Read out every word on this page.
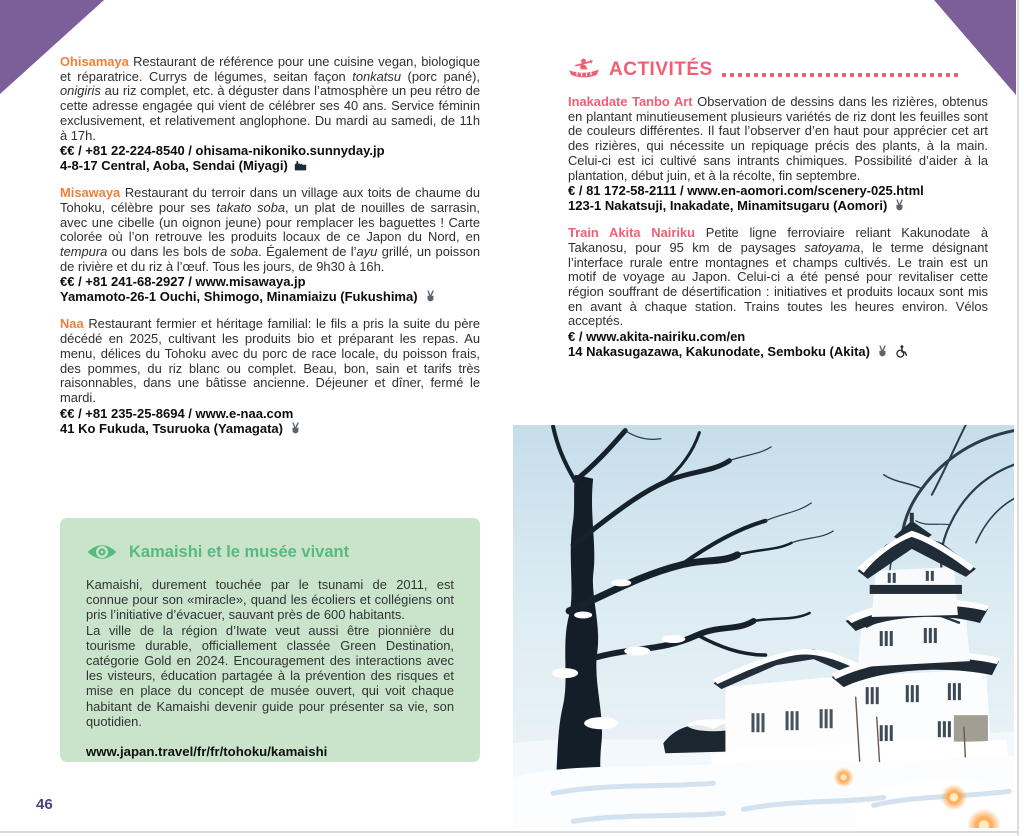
Ohisamaya Restaurant de référence pour une cuisine vegan, biologique et réparatrice. Currys de légumes, seitan façon tonkatsu (porc pané), onigiris au riz complet, etc. à déguster dans l’atmosphère un peu rétro de cette adresse engagée qui vient de célébrer ses 40 ans. Service féminin exclusivement, et relativement anglophone. Du mardi au samedi, de 11h à 17h.

€€ / +81 22-224-8540 / ohisama-nikoniko.sunnyday.jp

4-8-17 Central, Aoba, Sendai (Miyagi)

Misawaya Restaurant du terroir dans un village aux toits de chaume du Tohoku, célèbre pour ses takato soba, un plat de nouilles de sarrasin, avec une cibelle (un oignon jeune) pour remplacer les baguettes ! Carte colorée où l’on retrouve les produits locaux de ce Japon du Nord, en tempura ou dans les bols de soba. Également de l’ayu grillé, un poisson de rivière et du riz à l’œuf. Tous les jours, de 9h30 à 16h.

€€ / +81 241-68-2927 / www.misawaya.jp

Yamamoto-26-1 Ouchi, Shimogo, Minamiaizu (Fukushima)

Naa Restaurant fermier et héritage familial: le fils a pris la suite du père décédé en 2025, cultivant les produits bio et préparant les repas. Au menu, délices du Tohoku avec du porc de race locale, du poisson frais, des pommes, du riz blanc ou complet. Beau, bon, sain et tarifs très raisonnables, dans une bâtisse ancienne. Déjeuner et dîner, fermé le mardi.

€€ / +81 235-25-8694 / www.e-naa.com

41 Ko Fukuda, Tsuruoka (Yamagata)

Kamaishi et le musée vivant

Kamaishi, durement touchée par le tsunami de 2011, est connue pour son «miracle», quand les écoliers et collégiens ont pris l’initiative d’évacuer, sauvant près de 600 habitants.

La ville de la région d’Iwate veut aussi être pionnière du tourisme durable, officiallement classée Green Destination, catégorie Gold en 2024. Encouragement des interactions avec les visteurs, éducation partagée à la prévention des risques et mise en place du concept de musée ouvert, qui voit chaque habitant de Kamaishi devenir guide pour présenter sa vie, son quotidien.

www.japan.travel/fr/fr/tohoku/kamaishi

ACTIVITÉS

Inakadate Tanbo Art Observation de dessins dans les rizières, obtenus en plantant minutieusement plusieurs variétés de riz dont les feuilles sont de couleurs différentes. Il faut l’observer d’en haut pour apprécier cet art des rizières, qui nécessite un repiquage précis des plants, à la main. Celui-ci est ici cultivé sans intrants chimiques. Possibilité d’aider à la plantation, début juin, et à la récolte, fin septembre.

€ / 81 172-58-2111 / www.en-aomori.com/scenery-025.html

123-1 Nakatsuji, Inakadate, Minamitsugaru (Aomori)

Train Akita Nairiku Petite ligne ferroviaire reliant Kakunodate à Takanosu, pour 95 km de paysages satoyama, le terme désignant l’interface rurale entre montagnes et champs cultivés. Le train est un motif de voyage au Japon. Celui-ci a été pensé pour revitaliser cette région souffrant de désertification : initiatives et produits locaux sont mis en avant à chaque station. Trains toutes les heures environ. Vélos acceptés.

€ / www.akita-nairiku.com/en

14 Nakasugazawa, Kakunodate, Semboku (Akita)

46
